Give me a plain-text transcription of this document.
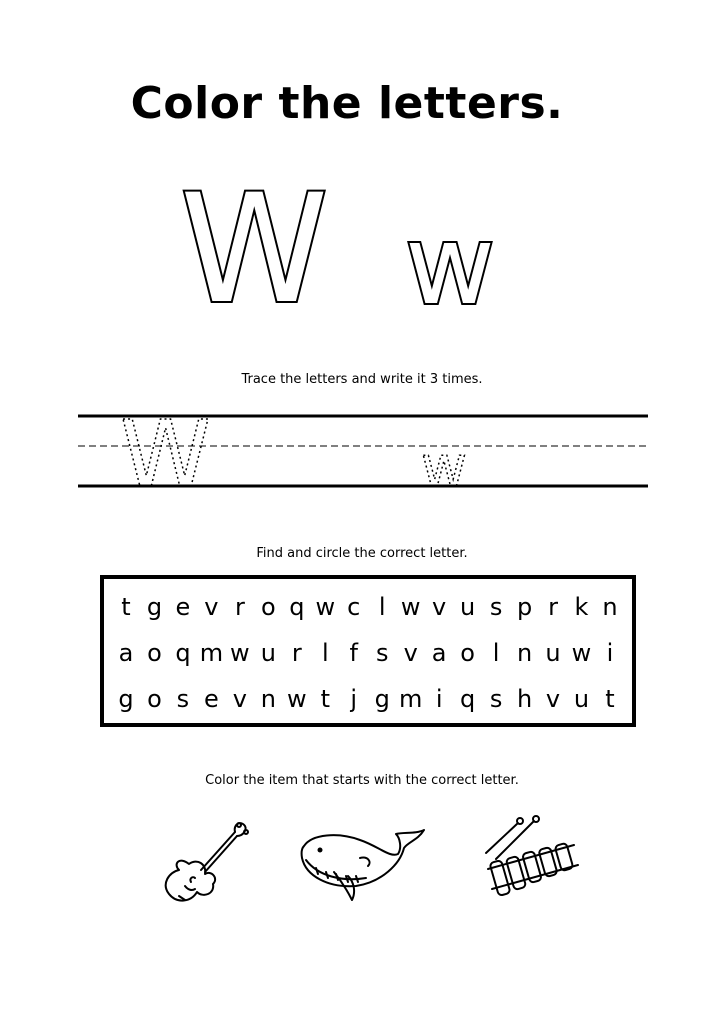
Color the letters.
W w
Trace the letters and write it 3 times.
W	w
Find and circle the correct letter.
t g e v r o q w c l w v u s p r k n
a o q m w u r l f s v a o l n u w i
g o s e v n w t j g m i q s h v u t
Color the item that starts with the correct letter.
